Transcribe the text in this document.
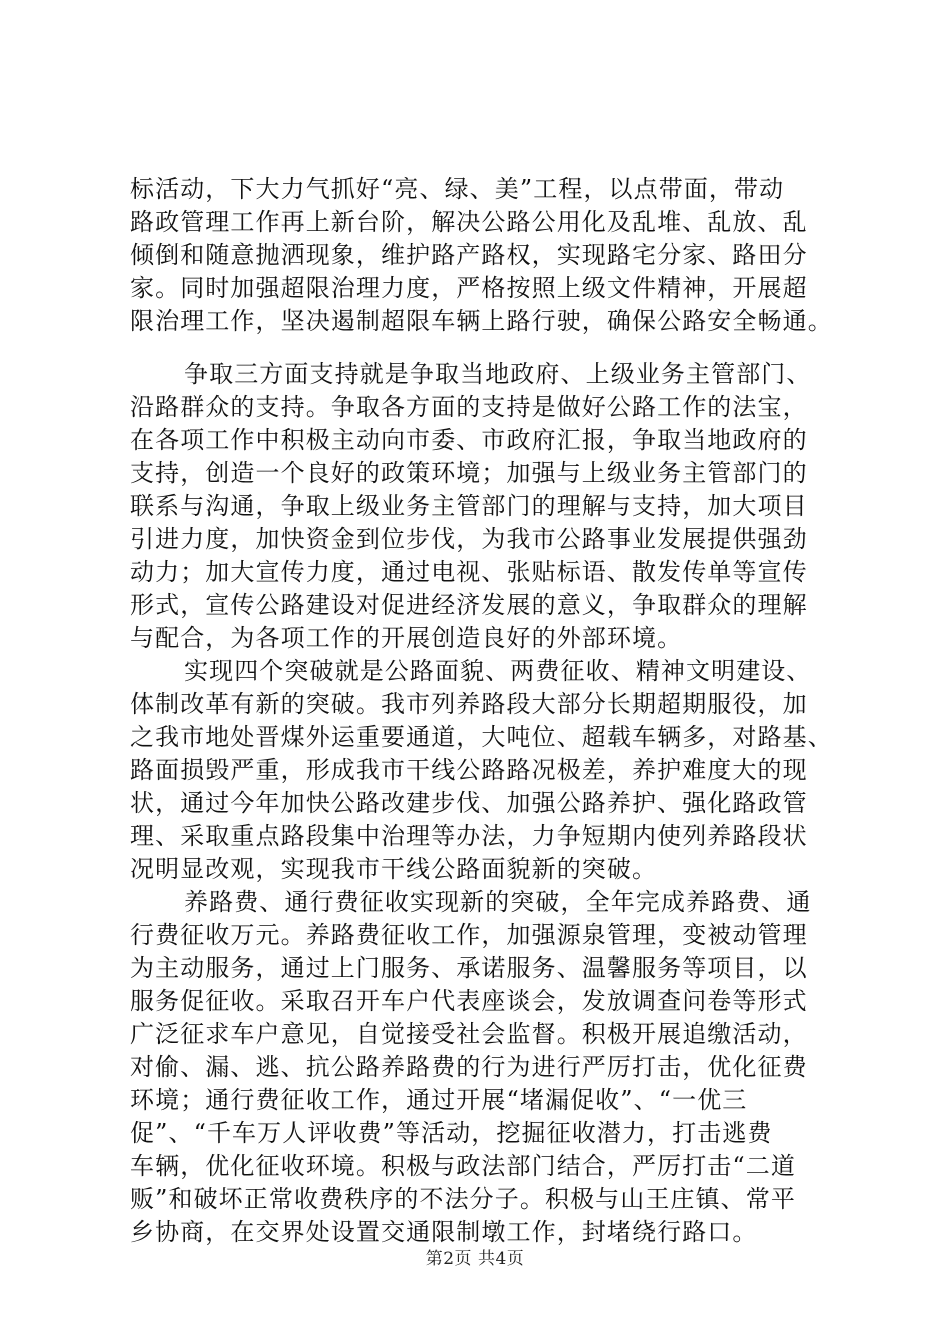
标活动，下大力气抓好“亮、绿、美”工程，以点带面，带动
路政管理工作再上新台阶，解决公路公用化及乱堆、乱放、乱
倾倒和随意抛洒现象，维护路产路权，实现路宅分家、路田分
家。同时加强超限治理力度，严格按照上级文件精神，开展超
限治理工作，坚决遏制超限车辆上路行驶，确保公路安全畅通。
争取三方面支持就是争取当地政府、上级业务主管部门、
沿路群众的支持。争取各方面的支持是做好公路工作的法宝，
在各项工作中积极主动向市委、市政府汇报，争取当地政府的
支持，创造一个良好的政策环境；加强与上级业务主管部门的
联系与沟通，争取上级业务主管部门的理解与支持，加大项目
引进力度，加快资金到位步伐，为我市公路事业发展提供强劲
动力；加大宣传力度，通过电视、张贴标语、散发传单等宣传
形式，宣传公路建设对促进经济发展的意义，争取群众的理解
与配合，为各项工作的开展创造良好的外部环境。
实现四个突破就是公路面貌、两费征收、精神文明建设、
体制改革有新的突破。我市列养路段大部分长期超期服役，加
之我市地处晋煤外运重要通道，大吨位、超载车辆多，对路基、
路面损毁严重，形成我市干线公路路况极差，养护难度大的现
状，通过今年加快公路改建步伐、加强公路养护、强化路政管
理、采取重点路段集中治理等办法，力争短期内使列养路段状
况明显改观，实现我市干线公路面貌新的突破。
养路费、通行费征收实现新的突破，全年完成养路费、通
行费征收万元。养路费征收工作，加强源泉管理，变被动管理
为主动服务，通过上门服务、承诺服务、温馨服务等项目，以
服务促征收。采取召开车户代表座谈会，发放调查问卷等形式
广泛征求车户意见，自觉接受社会监督。积极开展追缴活动，
对偷、漏、逃、抗公路养路费的行为进行严厉打击，优化征费
环境；通行费征收工作，通过开展“堵漏促收”、“一优三
促”、“千车万人评收费”等活动，挖掘征收潜力，打击逃费
车辆，优化征收环境。积极与政法部门结合，严厉打击“二道
贩”和破坏正常收费秩序的不法分子。积极与山王庄镇、常平
乡协商，在交界处设置交通限制墩工作，封堵绕行路口。
第2页 共4页
